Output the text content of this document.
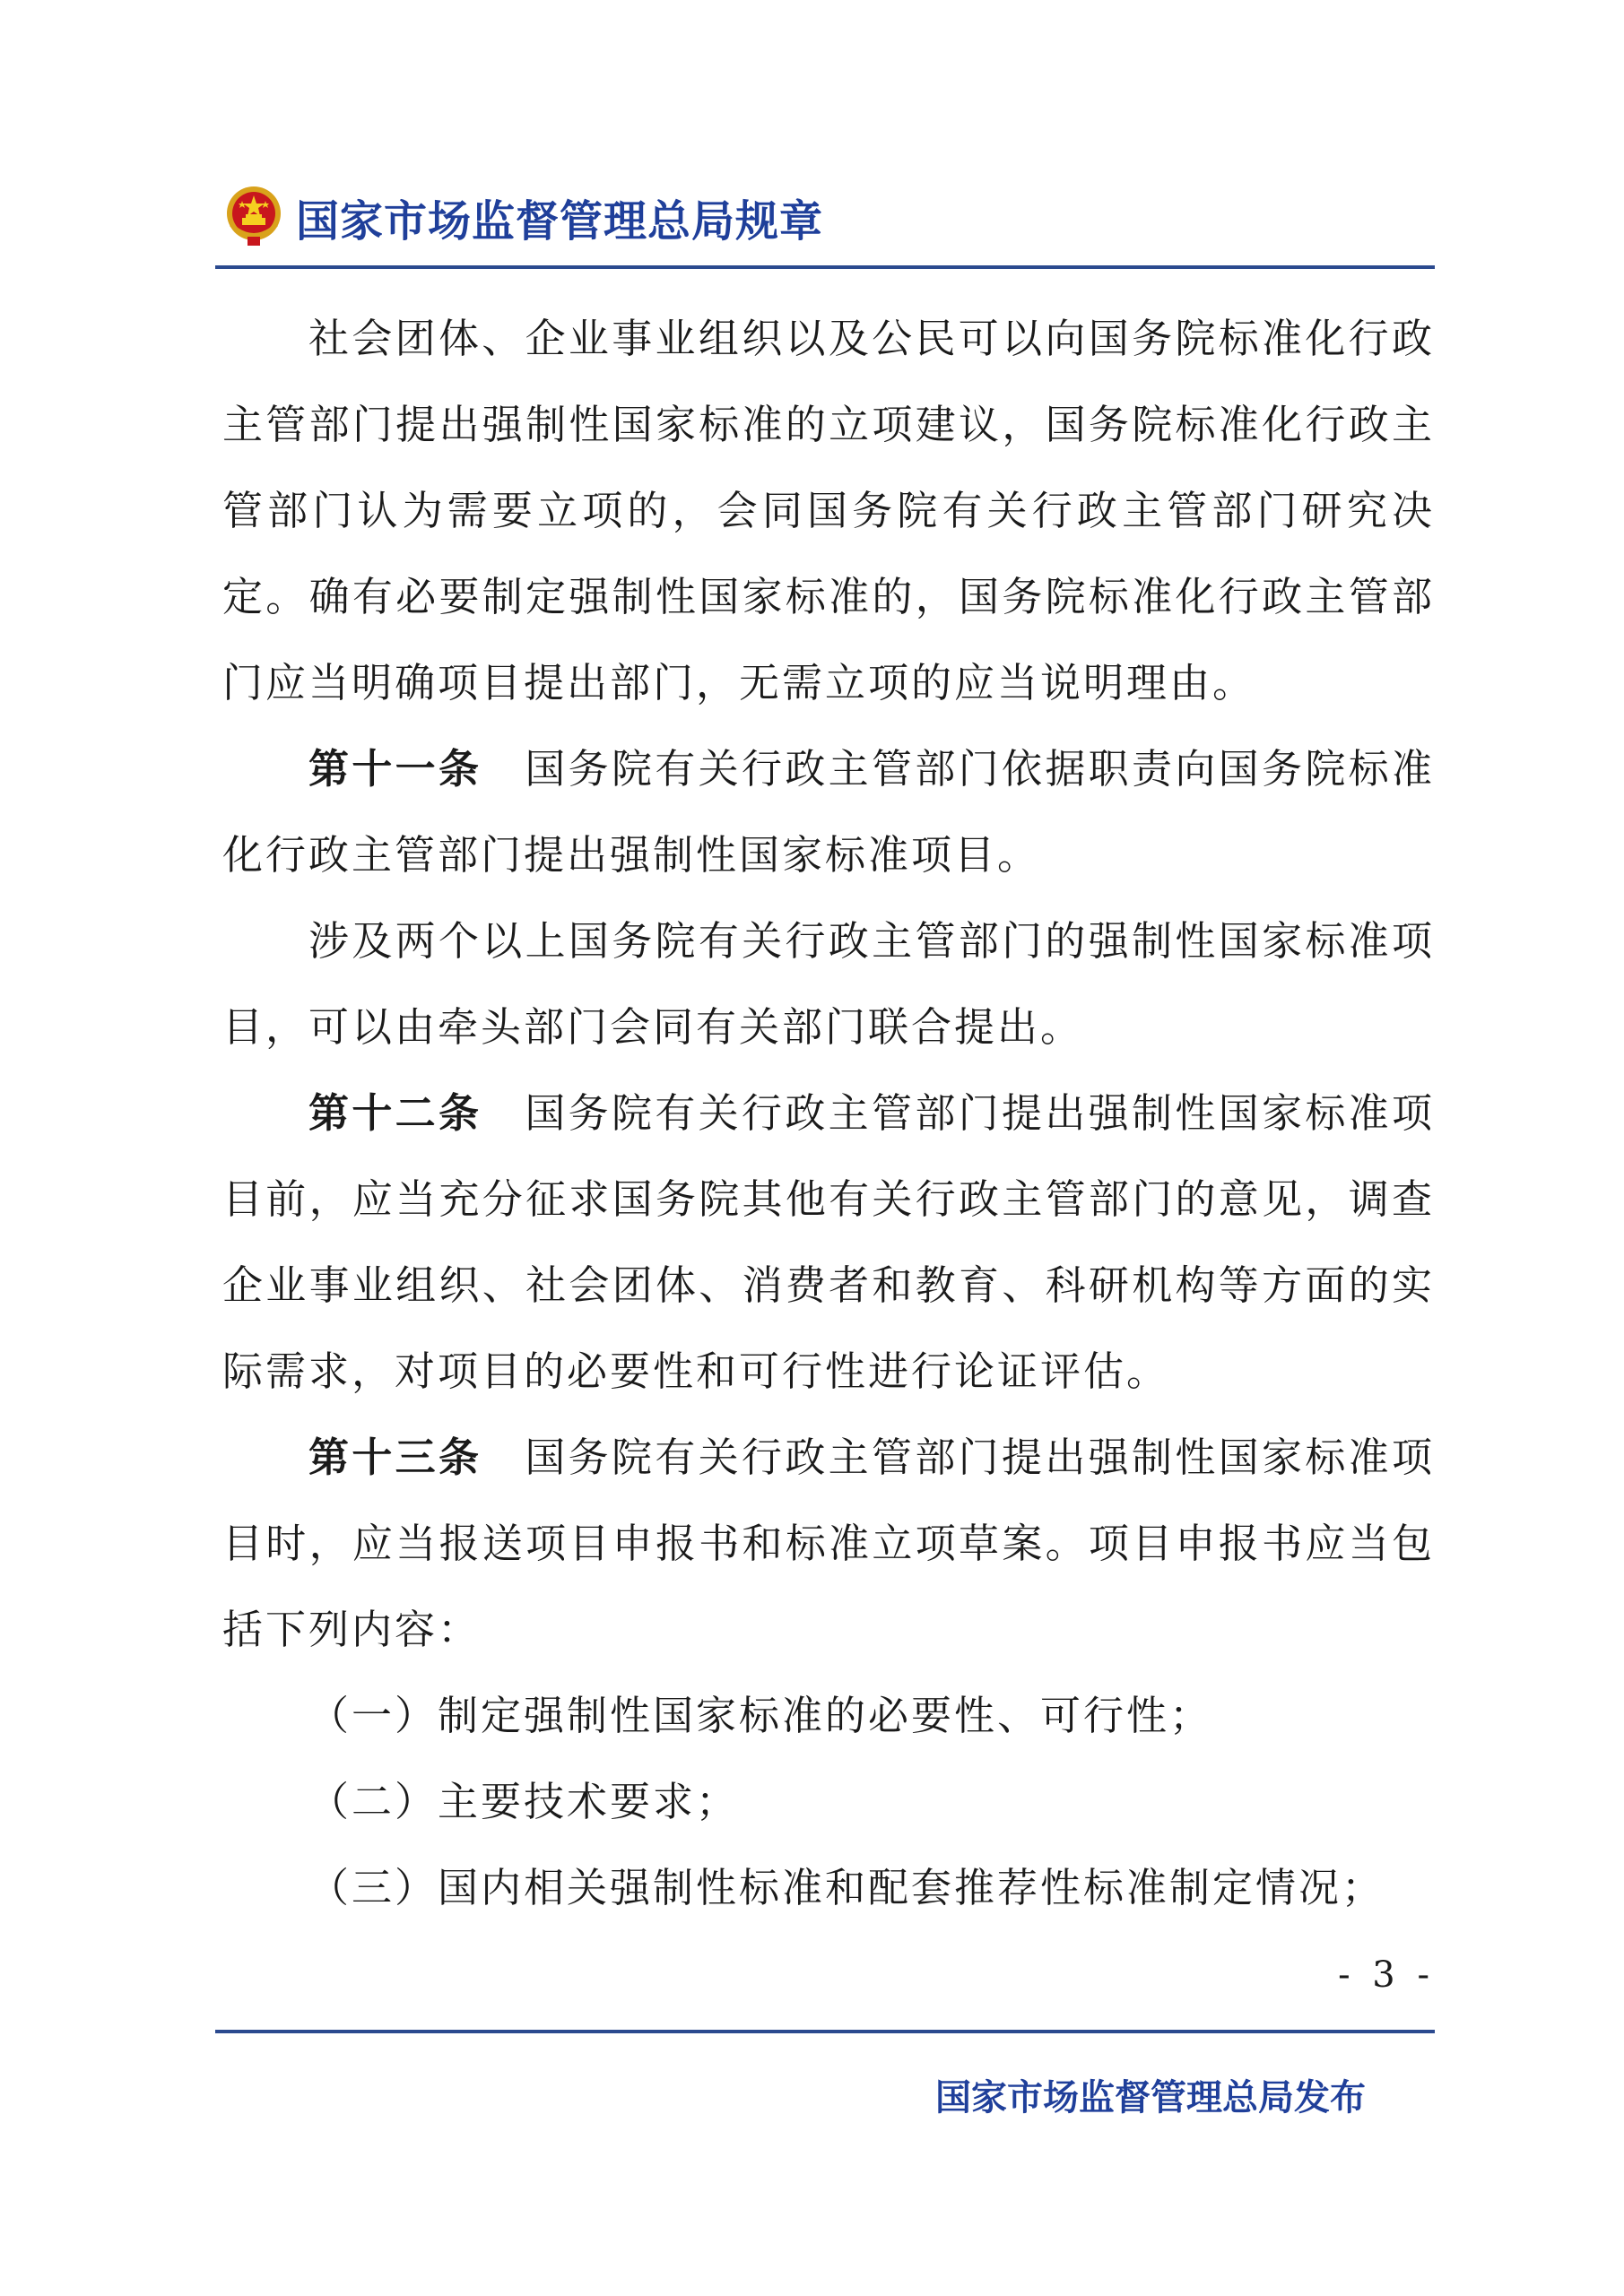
国家市场监督管理总局规章

社会团体、企业事业组织以及公民可以向国务院标准化行政主管部门提出强制性国家标准的立项建议，国务院标准化行政主管部门认为需要立项的，会同国务院有关行政主管部门研究决定。确有必要制定强制性国家标准的，国务院标准化行政主管部门应当明确项目提出部门，无需立项的应当说明理由。

第十一条 国务院有关行政主管部门依据职责向国务院标准化行政主管部门提出强制性国家标准项目。

涉及两个以上国务院有关行政主管部门的强制性国家标准项目，可以由牵头部门会同有关部门联合提出。

第十二条 国务院有关行政主管部门提出强制性国家标准项目前，应当充分征求国务院其他有关行政主管部门的意见，调查企业事业组织、社会团体、消费者和教育、科研机构等方面的实际需求，对项目的必要性和可行性进行论证评估。

第十三条 国务院有关行政主管部门提出强制性国家标准项目时，应当报送项目申报书和标准立项草案。项目申报书应当包括下列内容：

（一）制定强制性国家标准的必要性、可行性；

（二）主要技术要求；

（三）国内相关强制性标准和配套推荐性标准制定情况；

- 3 -
国家市场监督管理总局发布
